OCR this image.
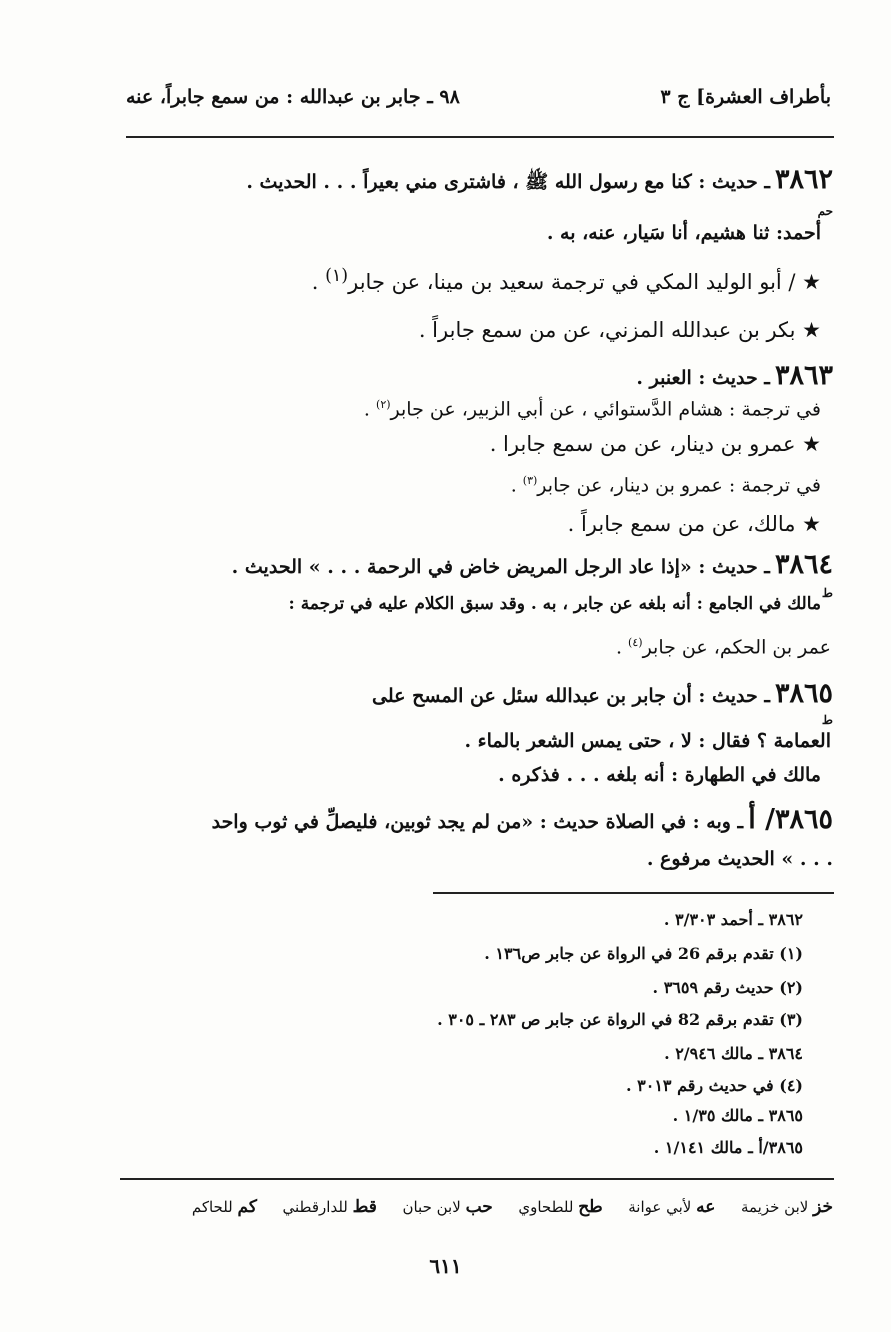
بأطراف العشرة] ج ٣
٩٨ ـ جابر بن عبدالله : من سمع جابراً، عنه
٣٨٦٢ ـ حديث : كنا مع رسول الله ﷺ ، فاشترى مني بعيراً . . . الحديث .
حم
أحمد: ثنا هشيم، أنا سَيار، عنه، به .
★ / أبو الوليد المكي في ترجمة سعيد بن مينا، عن جابر$^{(١)}$ .
★ بكر بن عبدالله المزني، عن من سمع جابراً .
٣٨٦٣ ـ حديث : العنبر .
في ترجمة : هشام الدَّستوائي ، عن أبي الزبير، عن جابر$^{(٢)}$ .
★ عمرو بن دينار، عن من سمع جابرا .
في ترجمة : عمرو بن دينار، عن جابر$^{(٣)}$ .
★ مالك، عن من سمع جابراً .
٣٨٦٤ ـ حديث : «إذا عاد الرجل المريض خاض في الرحمة . . . » الحديث .
ط
مالك في الجامع : أنه بلغه عن جابر ، به . وقد سبق الكلام عليه في ترجمة :
عمر بن الحكم، عن جابر$^{(٤)}$ .
٣٨٦٥ ـ حديث : أن جابر بن عبدالله سئل عن المسح على
ط
العمامة ؟ فقال : لا ، حتى يمس الشعر بالماء .
مالك في الطهارة : أنه بلغه . . . فذكره .
٣٨٦٥/ أ ـ وبه : في الصلاة حديث : «من لم يجد ثوبين، فليصلِّ في ثوب واحد
. . . » الحديث مرفوع .
٣٨٦٢ ـ أحمد ٣/٣٠٣ .
(١) تقدم برقم 26 في الرواة عن جابر ص١٣٦ .
(٢) حديث رقم ٣٦٥٩ .
(٣) تقدم برقم 82 في الرواة عن جابر ص ٢٨٣ ـ ٣٠٥ .
٣٨٦٤ ـ مالك ٢/٩٤٦ .
(٤) في حديث رقم ٣٠١٣ .
٣٨٦٥ ـ مالك ١/٣٥ .
٣٨٦٥/أ ـ مالك ١/١٤١ .
خز لابن خزيمة  عه لأبي عوانة  طح للطحاوي  حب لابن حبان  قط للدارقطني  كم للحاكم
٦١١
